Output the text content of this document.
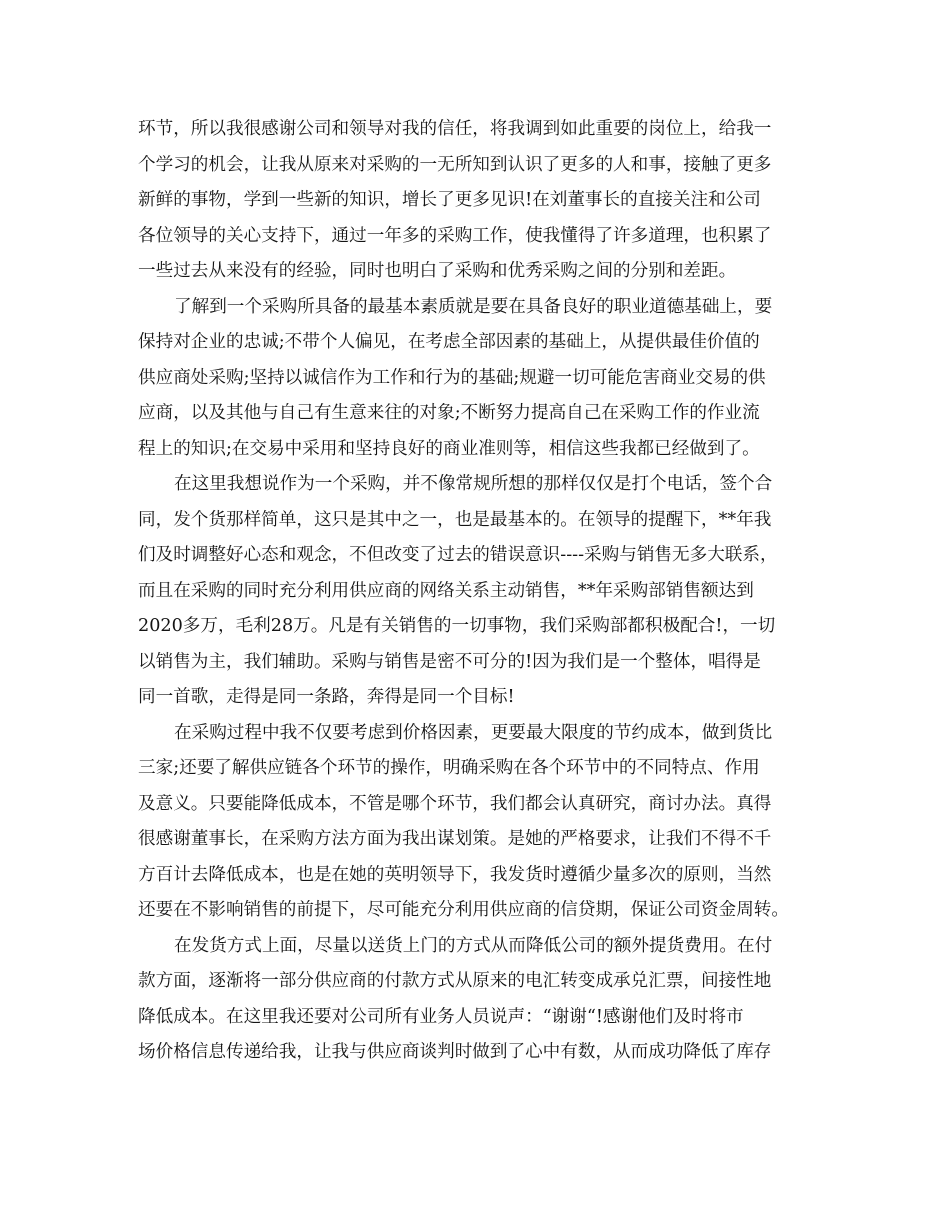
环节，所以我很感谢公司和领导对我的信任，将我调到如此重要的岗位上，给我一
个学习的机会，让我从原来对采购的一无所知到认识了更多的人和事，接触了更多
新鲜的事物，学到一些新的知识，增长了更多见识!在刘董事长的直接关注和公司
各位领导的关心支持下，通过一年多的采购工作，使我懂得了许多道理，也积累了
一些过去从来没有的经验，同时也明白了采购和优秀采购之间的分别和差距。
了解到一个采购所具备的最基本素质就是要在具备良好的职业道德基础上，要
保持对企业的忠诚;不带个人偏见，在考虑全部因素的基础上，从提供最佳价值的
供应商处采购;坚持以诚信作为工作和行为的基础;规避一切可能危害商业交易的供
应商，以及其他与自己有生意来往的对象;不断努力提高自己在采购工作的作业流
程上的知识;在交易中采用和坚持良好的商业准则等，相信这些我都已经做到了。
在这里我想说作为一个采购，并不像常规所想的那样仅仅是打个电话，签个合
同，发个货那样简单，这只是其中之一，也是最基本的。在领导的提醒下，**年我
们及时调整好心态和观念，不但改变了过去的错误意识----采购与销售无多大联系，
而且在采购的同时充分利用供应商的网络关系主动销售，**年采购部销售额达到
2020多万，毛利28万。凡是有关销售的一切事物，我们采购部都积极配合!，一切
以销售为主，我们辅助。采购与销售是密不可分的!因为我们是一个整体，唱得是
同一首歌，走得是同一条路，奔得是同一个目标!
在采购过程中我不仅要考虑到价格因素，更要最大限度的节约成本，做到货比
三家;还要了解供应链各个环节的操作，明确采购在各个环节中的不同特点、作用
及意义。只要能降低成本，不管是哪个环节，我们都会认真研究，商讨办法。真得
很感谢董事长，在采购方法方面为我出谋划策。是她的严格要求，让我们不得不千
方百计去降低成本，也是在她的英明领导下，我发货时遵循少量多次的原则，当然
还要在不影响销售的前提下，尽可能充分利用供应商的信贷期，保证公司资金周转。
在发货方式上面，尽量以送货上门的方式从而降低公司的额外提货费用。在付
款方面，逐渐将一部分供应商的付款方式从原来的电汇转变成承兑汇票，间接性地
降低成本。在这里我还要对公司所有业务人员说声：“谢谢“!感谢他们及时将市
场价格信息传递给我，让我与供应商谈判时做到了心中有数，从而成功降低了库存
